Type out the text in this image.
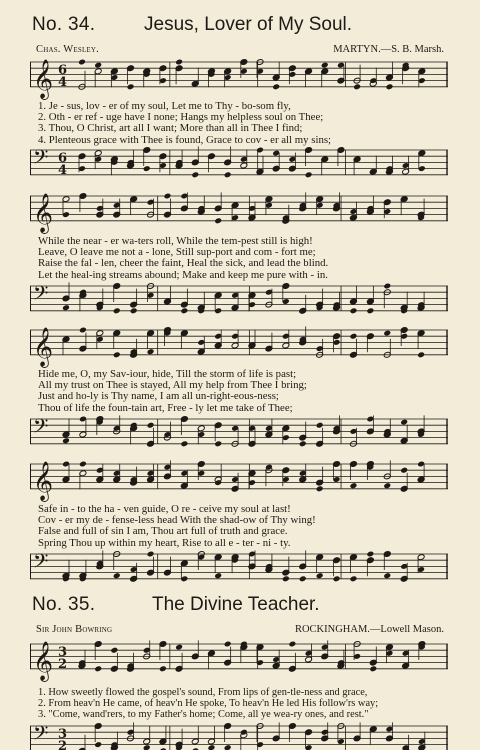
No. 34.	Jesus, Lover of My Soul.
Chas. Wesley.	MARTYN.—S. B. Marsh.
𝄞 6
4
𝄢 6
4
1. Je - sus, lov - er of my soul, Let me to Thy - bo-som fly,
2. Oth - er ref - uge have I none; Hangs my helpless soul on Thee;
3. Thou, O Christ, art all I want; More than all in Thee I find;
4. Plenteous grace with Thee is found, Grace to cov - er all my sins;
𝄞
𝄢
While the near - er wa-ters roll, While the tem-pest still is high!
Leave, O leave me not a - lone, Still sup-port and com - fort me;
Raise the fal - len, cheer the faint, Heal the sick, and lead the blind.
Let the heal-ing streams abound; Make and keep me pure with - in.
𝄞
𝄢
Hide me, O, my Sav-iour, hide, Till the storm of life is past;
All my trust on Thee is stayed, All my help from Thee I bring;
Just and ho-ly is Thy name, I am all un-right-eous-ness;
Thou of life the foun-tain art, Free - ly let me take of Thee;
𝄞
𝄢
Safe in - to the ha - ven guide, O re - ceive my soul at last!
Cov - er my de - fense-less head With the shad-ow of Thy wing!
False and full of sin I am, Thou art full of truth and grace.
Spring Thou up within my heart, Rise to all e - ter - ni - ty.
No. 35.	The Divine Teacher.
Sir John Bowring	ROCKINGHAM.—Lowell Mason.
𝄞 3
2
𝄢 3
2
1. How sweetly flowed the gospel's sound, From lips of gen-tle-ness and grace,
2. From heav'n He came, of heav'n He spoke, To heav'n He led His follow'rs way;
3. "Come, wand'rers, to my Father's home; Come, all ye wea-ry ones, and rest."
